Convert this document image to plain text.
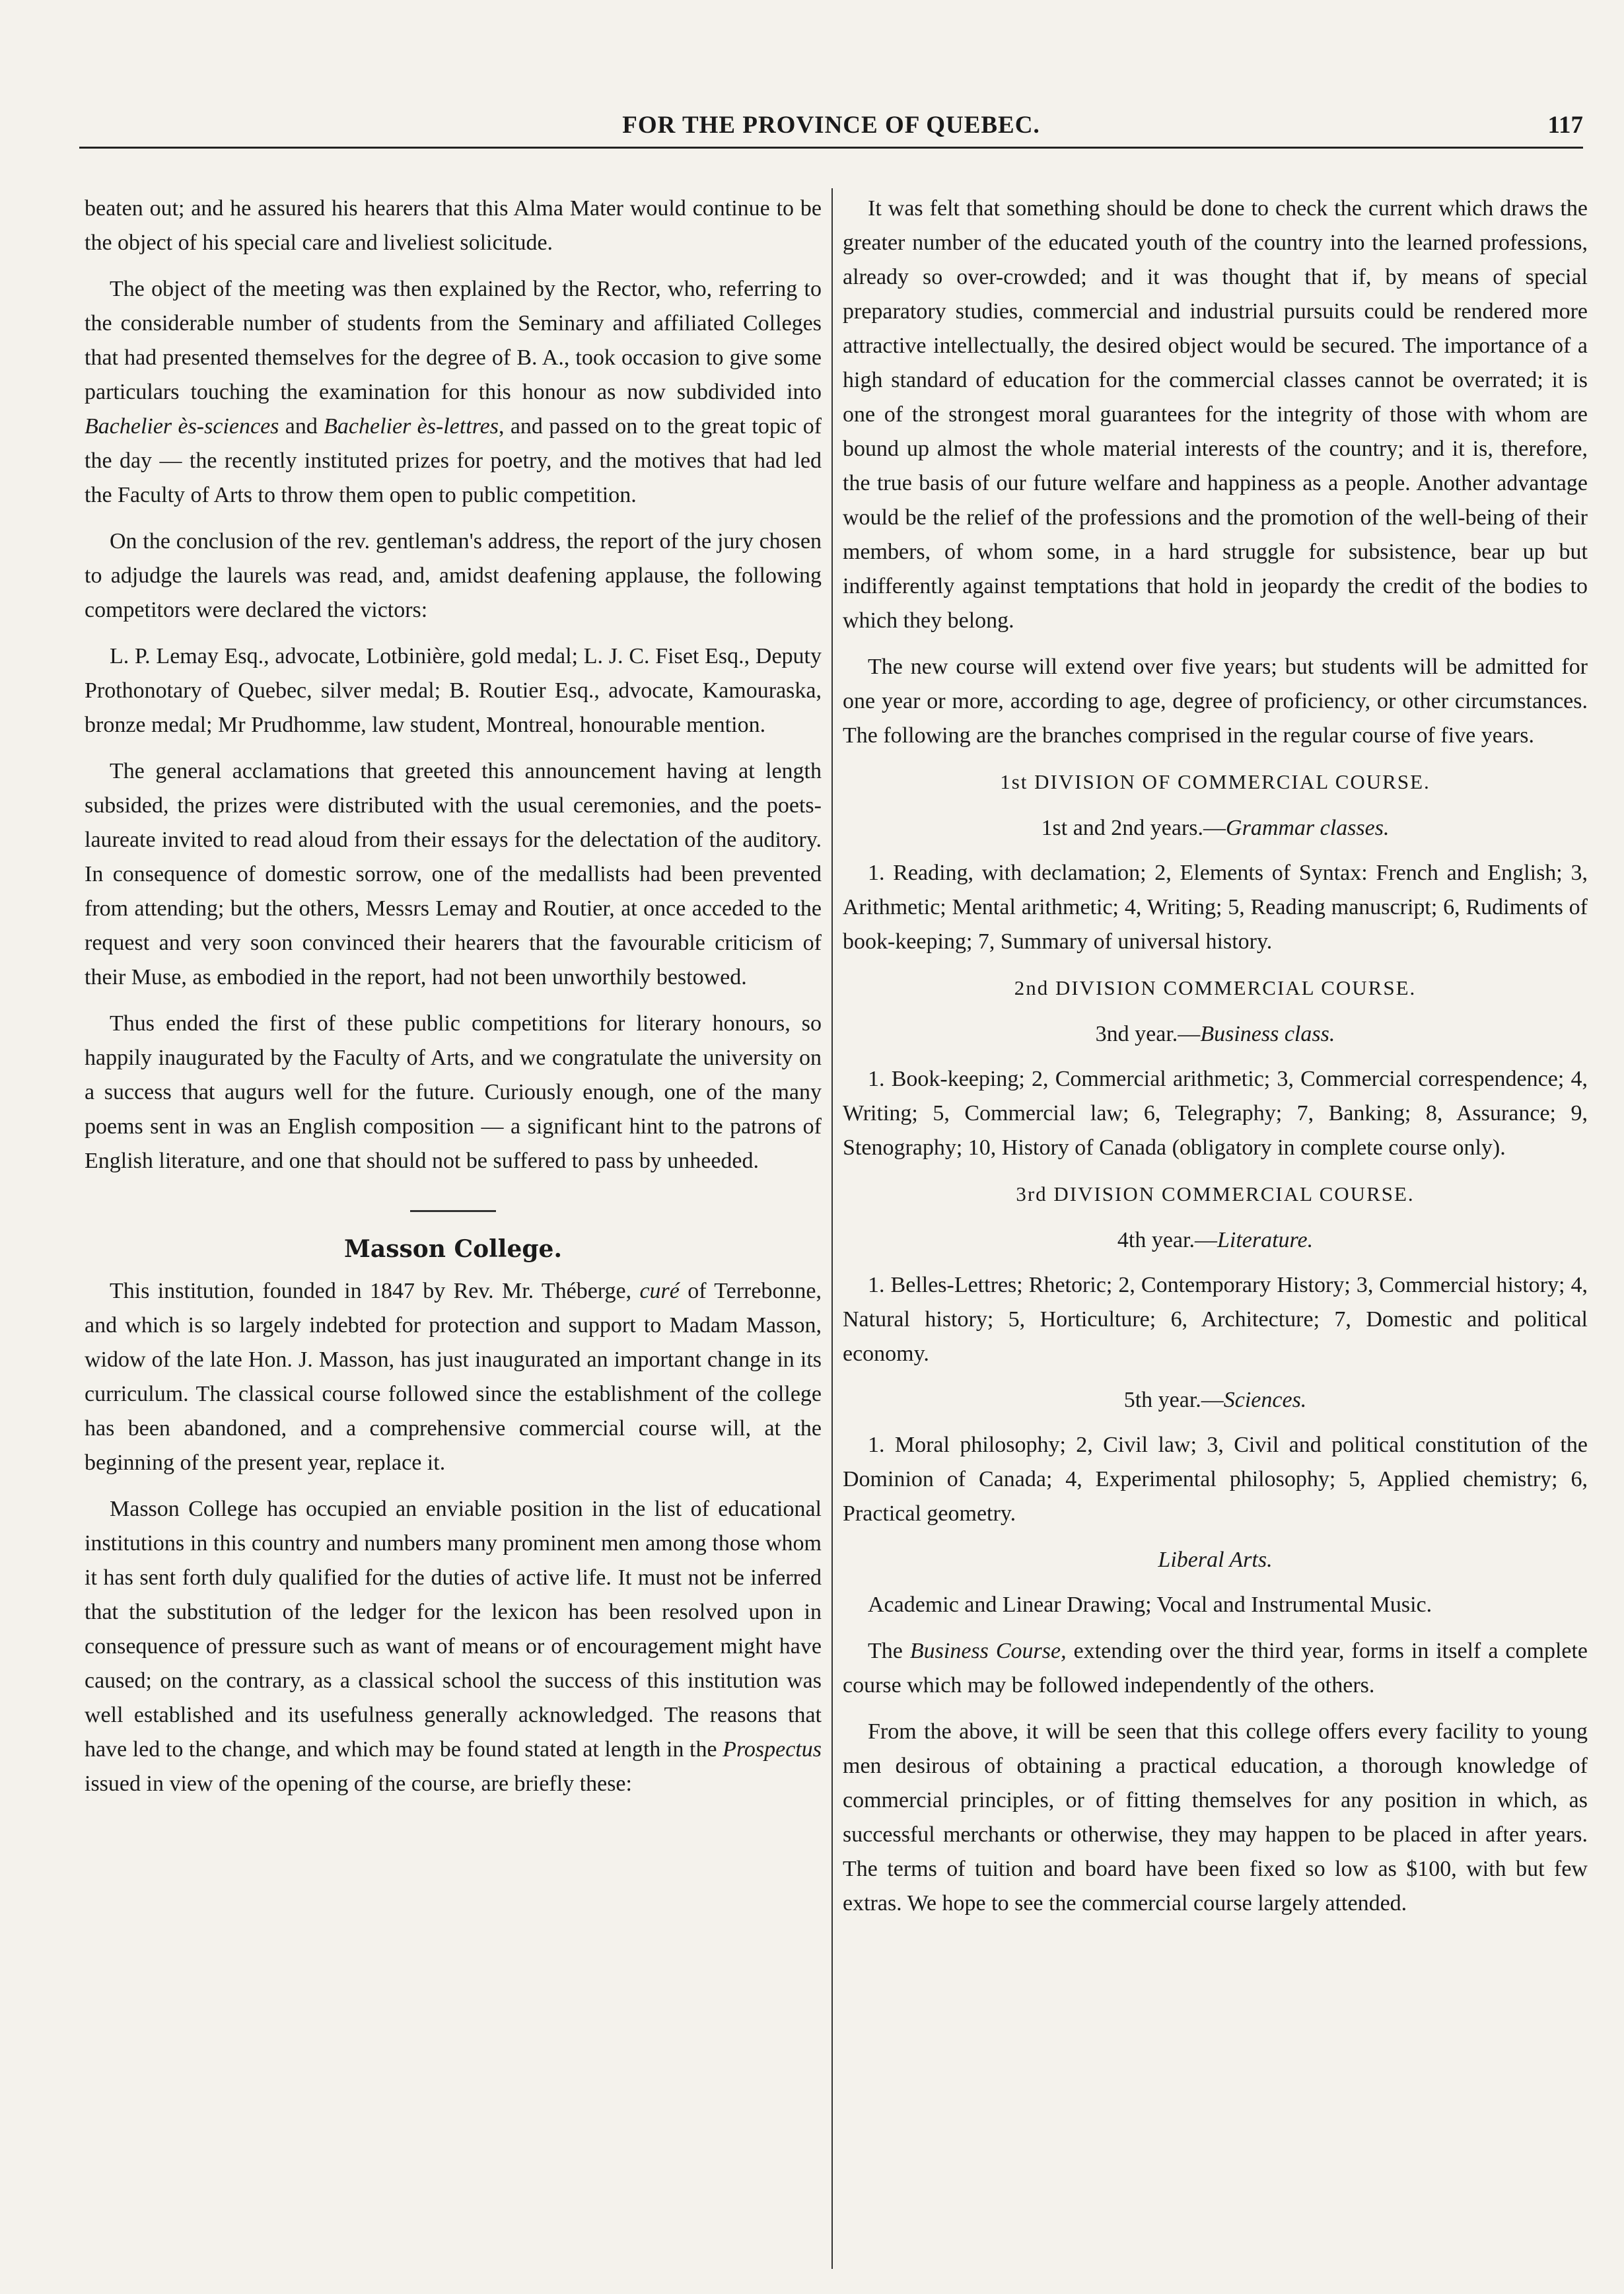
FOR THE PROVINCE OF QUEBEC.	117

beaten out; and he assured his hearers that this Alma Mater would continue to be the object of his special care and liveliest solicitude.

The object of the meeting was then explained by the Rector, who, referring to the considerable number of students from the Seminary and affiliated Colleges that had presented themselves for the degree of B. A., took occasion to give some particulars touching the examination for this honour as now subdivided into Bachelier ès-sciences and Bachelier ès-lettres, and passed on to the great topic of the day — the recently instituted prizes for poetry, and the motives that had led the Faculty of Arts to throw them open to public competition.

On the conclusion of the rev. gentleman's address, the report of the jury chosen to adjudge the laurels was read, and, amidst deafening applause, the following competitors were declared the victors:

L. P. Lemay Esq., advocate, Lotbinière, gold medal; L. J. C. Fiset Esq., Deputy Prothonotary of Quebec, silver medal; B. Routier Esq., advocate, Kamouraska, bronze medal; Mr Prudhomme, law student, Montreal, honourable mention.

The general acclamations that greeted this announcement having at length subsided, the prizes were distributed with the usual ceremonies, and the poets-laureate invited to read aloud from their essays for the delectation of the auditory. In consequence of domestic sorrow, one of the medallists had been prevented from attending; but the others, Messrs Lemay and Routier, at once acceded to the request and very soon convinced their hearers that the favourable criticism of their Muse, as embodied in the report, had not been unworthily bestowed.

Thus ended the first of these public competitions for literary honours, so happily inaugurated by the Faculty of Arts, and we congratulate the university on a success that augurs well for the future. Curiously enough, one of the many poems sent in was an English composition — a significant hint to the patrons of English literature, and one that should not be suffered to pass by unheeded.

Masson College.

This institution, founded in 1847 by Rev. Mr. Théberge, curé of Terrebonne, and which is so largely indebted for protection and support to Madam Masson, widow of the late Hon. J. Masson, has just inaugurated an important change in its curriculum. The classical course followed since the establishment of the college has been abandoned, and a comprehensive commercial course will, at the beginning of the present year, replace it.

Masson College has occupied an enviable position in the list of educational institutions in this country and numbers many prominent men among those whom it has sent forth duly qualified for the duties of active life. It must not be inferred that the substitution of the ledger for the lexicon has been resolved upon in consequence of pressure such as want of means or of encouragement might have caused; on the contrary, as a classical school the success of this institution was well established and its usefulness generally acknowledged. The reasons that have led to the change, and which may be found stated at length in the Prospectus issued in view of the opening of the course, are briefly these:

It was felt that something should be done to check the current which draws the greater number of the educated youth of the country into the learned professions, already so over-crowded; and it was thought that if, by means of special preparatory studies, commercial and industrial pursuits could be rendered more attractive intellectually, the desired object would be secured. The importance of a high standard of education for the commercial classes cannot be overrated; it is one of the strongest moral guarantees for the integrity of those with whom are bound up almost the whole material interests of the country; and it is, therefore, the true basis of our future welfare and happiness as a people. Another advantage would be the relief of the professions and the promotion of the well-being of their members, of whom some, in a hard struggle for subsistence, bear up but indifferently against temptations that hold in jeopardy the credit of the bodies to which they belong.

The new course will extend over five years; but students will be admitted for one year or more, according to age, degree of proficiency, or other circumstances. The following are the branches comprised in the regular course of five years.

1st DIVISION OF COMMERCIAL COURSE.
1st and 2nd years.—Grammar classes.

1. Reading, with declamation; 2, Elements of Syntax: French and English; 3, Arithmetic; Mental arithmetic; 4, Writing; 5, Reading manuscript; 6, Rudiments of book-keeping; 7, Summary of universal history.

2nd DIVISION COMMERCIAL COURSE.
3nd year.—Business class.

1. Book-keeping; 2, Commercial arithmetic; 3, Commercial correspendence; 4, Writing; 5, Commercial law; 6, Telegraphy; 7, Banking; 8, Assurance; 9, Stenography; 10, History of Canada (obligatory in complete course only).

3rd DIVISION COMMERCIAL COURSE.
4th year.—Literature.

1. Belles-Lettres; Rhetoric; 2, Contemporary History; 3, Commercial history; 4, Natural history; 5, Horticulture; 6, Architecture; 7, Domestic and political economy.

5th year.—Sciences.

1. Moral philosophy; 2, Civil law; 3, Civil and political constitution of the Dominion of Canada; 4, Experimental philosophy; 5, Applied chemistry; 6, Practical geometry.

Liberal Arts.

Academic and Linear Drawing; Vocal and Instrumental Music.

The Business Course, extending over the third year, forms in itself a complete course which may be followed independently of the others.

From the above, it will be seen that this college offers every facility to young men desirous of obtaining a practical education, a thorough knowledge of commercial principles, or of fitting themselves for any position in which, as successful merchants or otherwise, they may happen to be placed in after years. The terms of tuition and board have been fixed so low as $100, with but few extras. We hope to see the commercial course largely attended.
